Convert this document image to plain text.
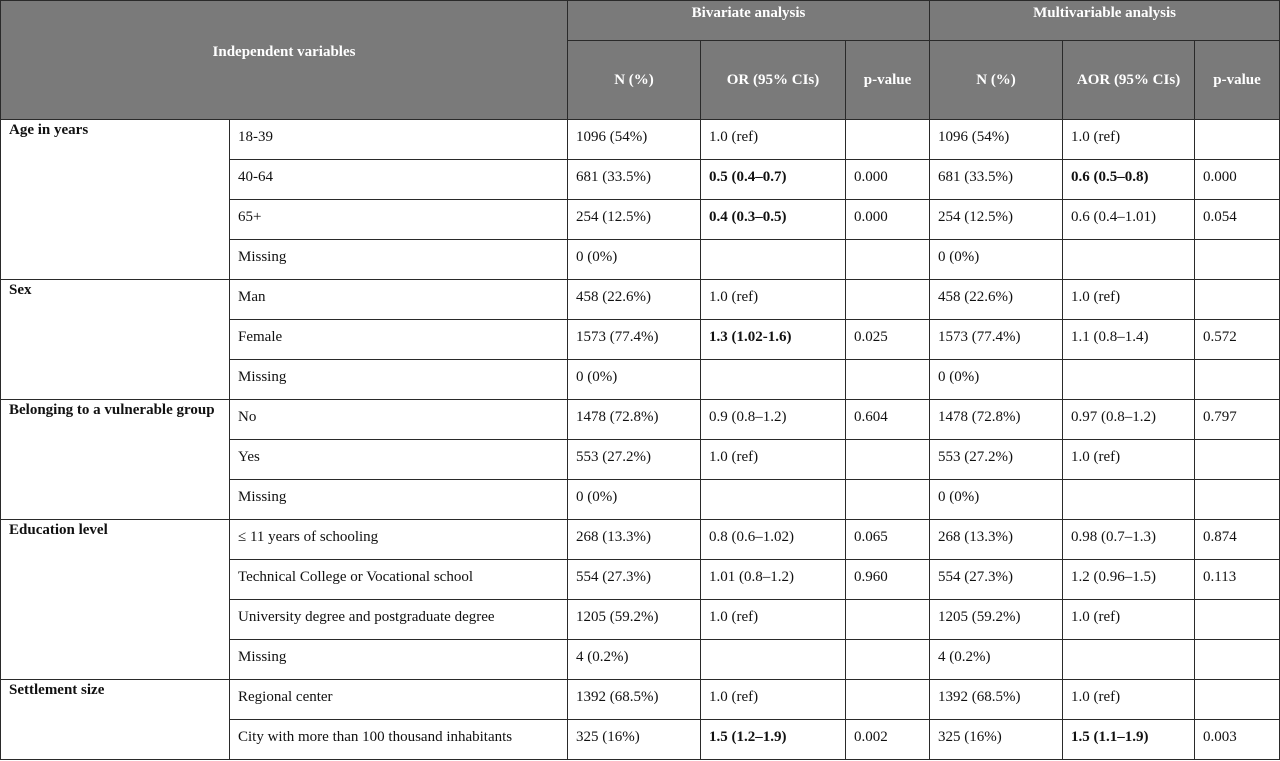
Independent variables		Bivariate analysis			Multivariable analysis		
		N (%)	OR (95% CIs)	p-value	N (%)	AOR (95% CIs)	p-value

Age in years	18-39	1096 (54%)	1.0 (ref)		1096 (54%)	1.0 (ref)	
	40-64	681 (33.5%)	0.5 (0.4–0.7)	0.000	681 (33.5%)	0.6 (0.5–0.8)	0.000
	65+	254 (12.5%)	0.4 (0.3–0.5)	0.000	254 (12.5%)	0.6 (0.4–1.01)	0.054
	Missing	0 (0%)			0 (0%)		

Sex	Man	458 (22.6%)	1.0 (ref)		458 (22.6%)	1.0 (ref)	
	Female	1573 (77.4%)	1.3 (1.02-1.6)	0.025	1573 (77.4%)	1.1 (0.8–1.4)	0.572
	Missing	0 (0%)			0 (0%)		

Belonging to a vulnerable group	No	1478 (72.8%)	0.9 (0.8–1.2)	0.604	1478 (72.8%)	0.97 (0.8–1.2)	0.797
	Yes	553 (27.2%)	1.0 (ref)		553 (27.2%)	1.0 (ref)	
	Missing	0 (0%)			0 (0%)		

Education level	≤ 11 years of schooling	268 (13.3%)	0.8 (0.6–1.02)	0.065	268 (13.3%)	0.98 (0.7–1.3)	0.874
	Technical College or Vocational school	554 (27.3%)	1.01 (0.8–1.2)	0.960	554 (27.3%)	1.2 (0.96–1.5)	0.113
	University degree and postgraduate degree	1205 (59.2%)	1.0 (ref)		1205 (59.2%)	1.0 (ref)	
	Missing	4 (0.2%)			4 (0.2%)		

Settlement size	Regional center	1392 (68.5%)	1.0 (ref)		1392 (68.5%)	1.0 (ref)	
	City with more than 100 thousand inhabitants	325 (16%)	1.5 (1.2–1.9)	0.002	325 (16%)	1.5 (1.1–1.9)	0.003
